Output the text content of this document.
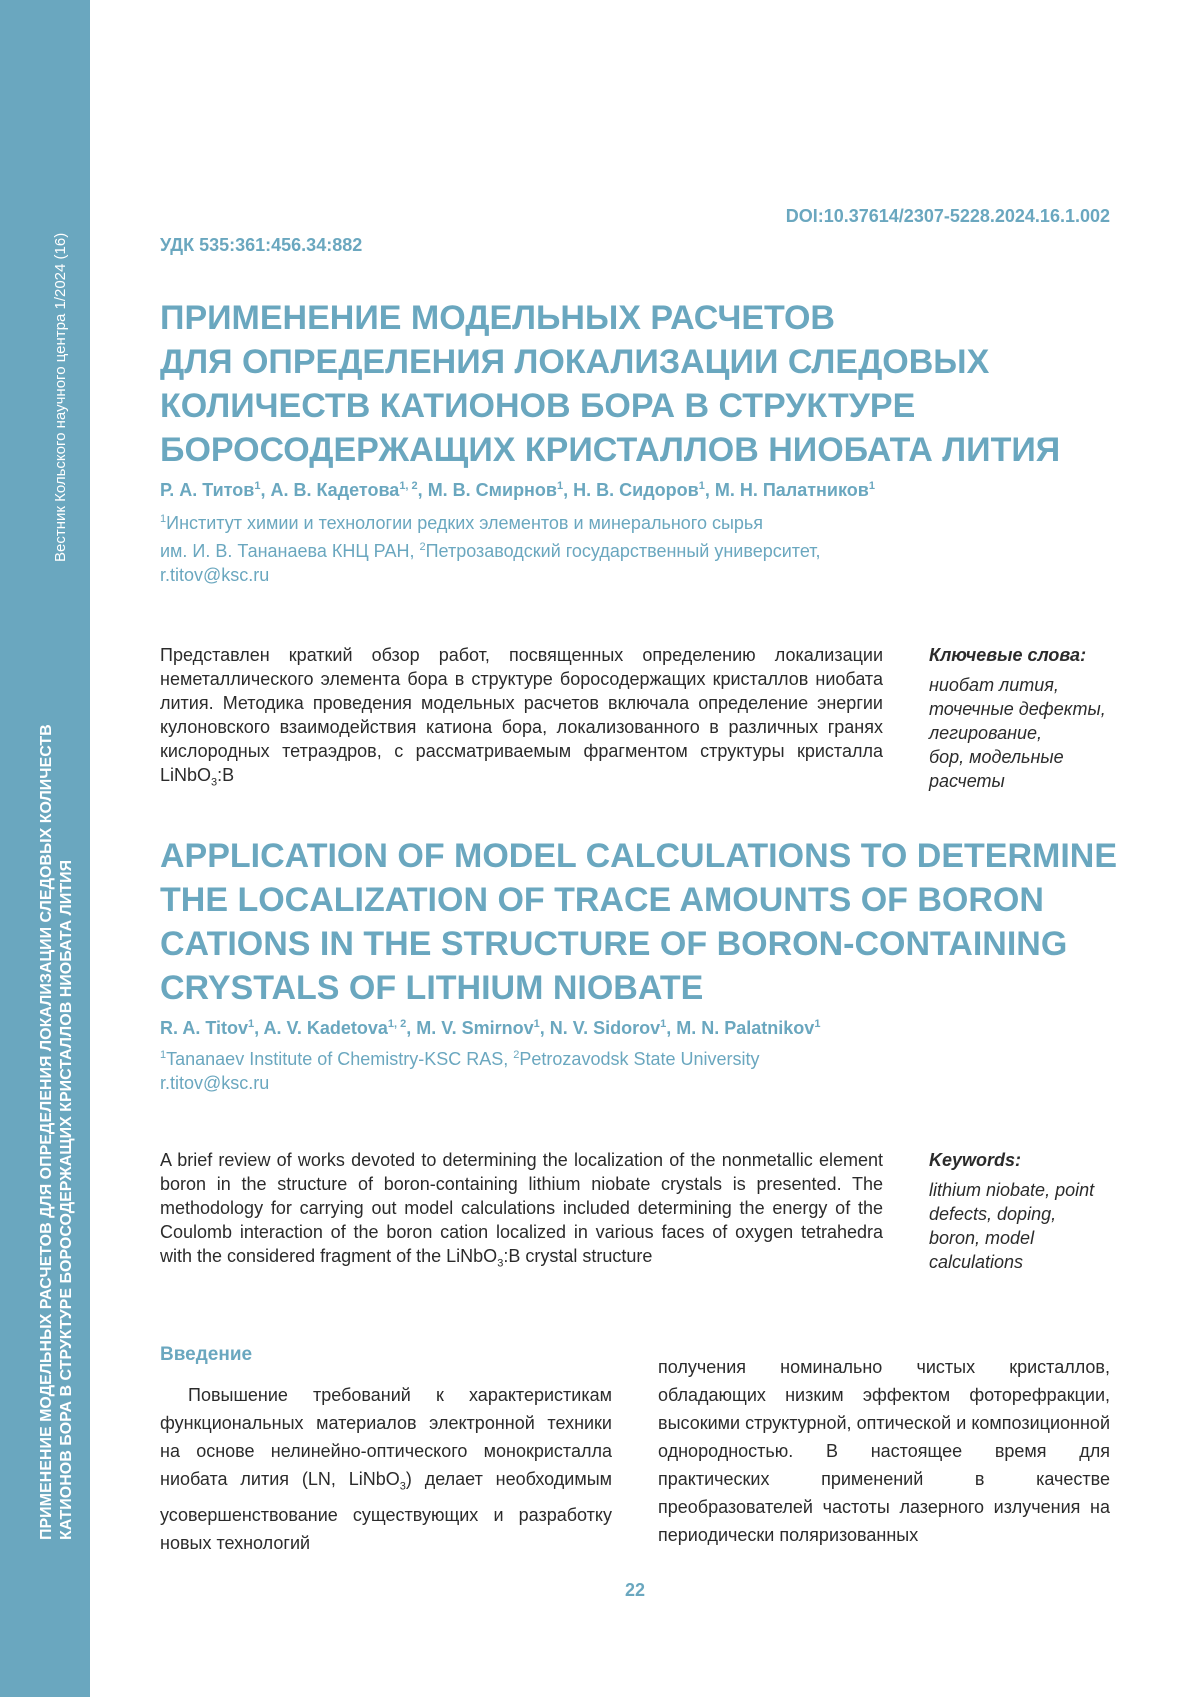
Вестник Кольского научного центра 1/2024 (16)
ПРИМЕНЕНИЕ МОДЕЛЬНЫХ РАСЧЕТОВ ДЛЯ ОПРЕДЕЛЕНИЯ ЛОКАЛИЗАЦИИ СЛЕДОВЫХ КОЛИЧЕСТВ КАТИОНОВ БОРА В СТРУКТУРЕ БОРОСОДЕРЖАЩИХ КРИСТАЛЛОВ НИОБАТА ЛИТИЯ
DOI:10.37614/2307-5228.2024.16.1.002
УДК 535:361:456.34:882
ПРИМЕНЕНИЕ МОДЕЛЬНЫХ РАСЧЕТОВ
ДЛЯ ОПРЕДЕЛЕНИЯ ЛОКАЛИЗАЦИИ СЛЕДОВЫХ
КОЛИЧЕСТВ КАТИОНОВ БОРА В СТРУКТУРЕ
БОРОСОДЕРЖАЩИХ КРИСТАЛЛОВ НИОБАТА ЛИТИЯ
Р. А. Титов$^1$, А. В. Кадетова$^{1, 2}$, М. В. Смирнов$^1$, Н. В. Сидоров$^1$, М. Н. Палатников$^1$
$^1$Институт химии и технологии редких элементов и минерального сырья
им. И. В. Тананаева КНЦ РАН, $^2$Петрозаводский государственный университет,
r.titov@ksc.ru
Представлен краткий обзор работ, посвященных определению локализации неметаллического элемента бора в структуре боросодержащих кристаллов ниобата лития. Методика проведения модельных расчетов включала определение энергии кулоновского взаимодействия катиона бора, локализованного в различных гранях кислородных тетраэдров, с рассматриваемым фрагментом структуры кристалла LiNbO$_3$:B
Ключевые слова:
ниобат лития,
точечные дефекты,
легирование,
бор, модельные
расчеты
APPLICATION OF MODEL CALCULATIONS TO DETERMINE
THE LOCALIZATION OF TRACE AMOUNTS OF BORON
CATIONS IN THE STRUCTURE OF BORON-CONTAINING
CRYSTALS OF LITHIUM NIOBATE
R. A. Titov$^1$, A. V. Kadetova$^{1, 2}$, M. V. Smirnov$^1$, N. V. Sidorov$^1$, M. N. Palatnikov$^1$
$^1$Tananaev Institute of Chemistry-KSC RAS, $^2$Petrozavodsk State University
r.titov@ksc.ru
A brief review of works devoted to determining the localization of the nonmetallic element boron in the structure of boron-containing lithium niobate crystals is presented. The methodology for carrying out model calculations included determining the energy of the Coulomb interaction of the boron cation localized in various faces of oxygen tetrahedra with the considered fragment of the LiNbO$_3$:B crystal structure
Keywords:
lithium niobate, point
defects, doping,
boron, model
calculations
Введение
Повышение требований к характеристикам функциональных материалов электронной техники на основе нелинейно-оптического монокристалла ниобата лития (LN, LiNbO$_3$) делает необходимым усовершенствование существующих и разработку новых технологий
получения номинально чистых кристаллов, обладающих низким эффектом фоторефракции, высокими структурной, оптической и композиционной однородностью. В настоящее время для практических применений в качестве преобразователей частоты лазерного излучения на периодически поляризованных
22
